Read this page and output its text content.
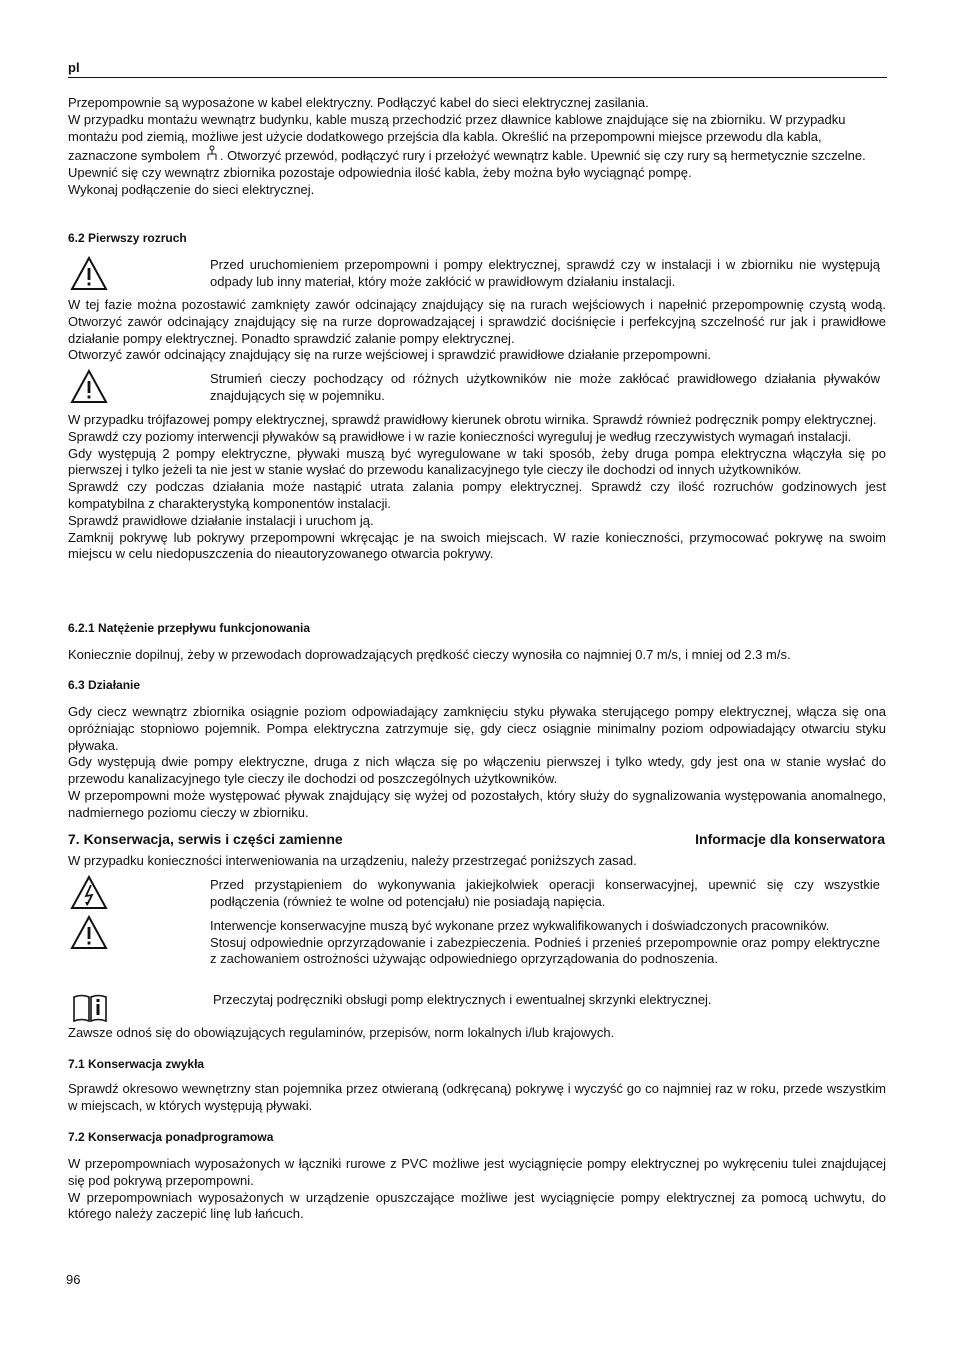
pl

Przepompownie są wyposażone w kabel elektryczny. Podłączyć kabel do sieci elektrycznej zasilania.

W przypadku montażu wewnątrz budynku, kable muszą przechodzić przez dławnice kablowe znajdujące się na zbiorniku. W przypadku montażu pod ziemią, możliwe jest użycie dodatkowego przejścia dla kabla. Określić na przepompowni miejsce przewodu dla kabla, zaznaczone symbolem . Otworzyć przewód, podłączyć rury i przełożyć wewnątrz kable. Upewnić się czy rury są hermetycznie szczelne.

Upewnić się czy wewnątrz zbiornika pozostaje odpowiednia ilość kabla, żeby można było wyciągnąć pompę.

Wykonaj podłączenie do sieci elektrycznej.

6.2 Pierwszy rozruch
Przed uruchomieniem przepompowni i pompy elektrycznej, sprawdź czy w instalacji i w zbiorniku nie występują odpady lub inny materiał, który może zakłócić w prawidłowym działaniu instalacji.

W tej fazie można pozostawić zamknięty zawór odcinający znajdujący się na rurach wejściowych i napełnić przepompownię czystą wodą. Otworzyć zawór odcinający znajdujący się na rurze doprowadzającej i sprawdzić dociśnięcie i perfekcyjną szczelność rur jak i prawidłowe działanie pompy elektrycznej. Ponadto sprawdzić zalanie pompy elektrycznej.

Otworzyć zawór odcinający znajdujący się na rurze wejściowej i sprawdzić prawidłowe działanie przepompowni.

Strumień cieczy pochodzący od różnych użytkowników nie może zakłócać prawidłowego działania pływaków znajdujących się w pojemniku.

W przypadku trójfazowej pompy elektrycznej, sprawdź prawidłowy kierunek obrotu wirnika. Sprawdź również podręcznik pompy elektrycznej.

Sprawdź czy poziomy interwencji pływaków są prawidłowe i w razie konieczności wyreguluj je według rzeczywistych wymagań instalacji.

Gdy występują 2 pompy elektryczne, pływaki muszą być wyregulowane w taki sposób, żeby druga pompa elektryczna włączyła się po pierwszej i tylko jeżeli ta nie jest w stanie wysłać do przewodu kanalizacyjnego tyle cieczy ile dochodzi od innych użytkowników.

Sprawdź czy podczas działania może nastąpić utrata zalania pompy elektrycznej. Sprawdź czy ilość rozruchów godzinowych jest kompatybilna z charakterystyką komponentów instalacji.

Sprawdź prawidłowe działanie instalacji i uruchom ją.

Zamknij pokrywę lub pokrywy przepompowni wkręcając je na swoich miejscach. W razie konieczności, przymocować pokrywę na swoim miejscu w celu niedopuszczenia do nieautoryzowanego otwarcia pokrywy.

6.2.1 Natężenie przepływu funkcjonowania
Koniecznie dopilnuj, żeby w przewodach doprowadzających prędkość cieczy wynosiła co najmniej 0.7 m/s, i mniej od 2.3 m/s.
6.3 Działanie

Gdy ciecz wewnątrz zbiornika osiągnie poziom odpowiadający zamknięciu styku pływaka sterującego pompy elektrycznej, włącza się ona opróżniając stopniowo pojemnik. Pompa elektryczna zatrzymuje się, gdy ciecz osiągnie minimalny poziom odpowiadający otwarciu styku pływaka.

Gdy występują dwie pompy elektryczne, druga z nich włącza się po włączeniu pierwszej i tylko wtedy, gdy jest ona w stanie wysłać do przewodu kanalizacyjnego tyle cieczy ile dochodzi od poszczególnych użytkowników.

W przepompowni może występować pływak znajdujący się wyżej od pozostałych, który służy do sygnalizowania występowania anomalnego, nadmiernego poziomu cieczy w zbiorniku.

7. Konserwacja, serwis i części zamienne	Informacje dla konserwatora
W przypadku konieczności interweniowania na urządzeniu, należy przestrzegać poniższych zasad.
Przed przystąpieniem do wykonywania jakiejkolwiek operacji konserwacyjnej, upewnić się czy wszystkie podłączenia (również te wolne od potencjału) nie posiadają napięcia.

Interwencje konserwacyjne muszą być wykonane przez wykwalifikowanych i doświadczonych pracowników.

Stosuj odpowiednie oprzyrządowanie i zabezpieczenia. Podnieś i przenieś przepompownie oraz pompy elektryczne z zachowaniem ostrożności używając odpowiedniego oprzyrządowania do podnoszenia.

Przeczytaj podręczniki obsługi pomp elektrycznych i ewentualnej skrzynki elektrycznej.
Zawsze odnoś się do obowiązujących regulaminów, przepisów, norm lokalnych i/lub krajowych.
7.1 Konserwacja zwykła
Sprawdź okresowo wewnętrzny stan pojemnika przez otwieraną (odkręcaną) pokrywę i wyczyść go co najmniej raz w roku, przede wszystkim w miejscach, w których występują pływaki.
7.2 Konserwacja ponadprogramowa

W przepompowniach wyposażonych w łączniki rurowe z PVC możliwe jest wyciągnięcie pompy elektrycznej po wykręceniu tulei znajdującej się pod pokrywą przepompowni.

W przepompowniach wyposażonych w urządzenie opuszczające możliwe jest wyciągnięcie pompy elektrycznej za pomocą uchwytu, do którego należy zaczepić linę lub łańcuch.

96
